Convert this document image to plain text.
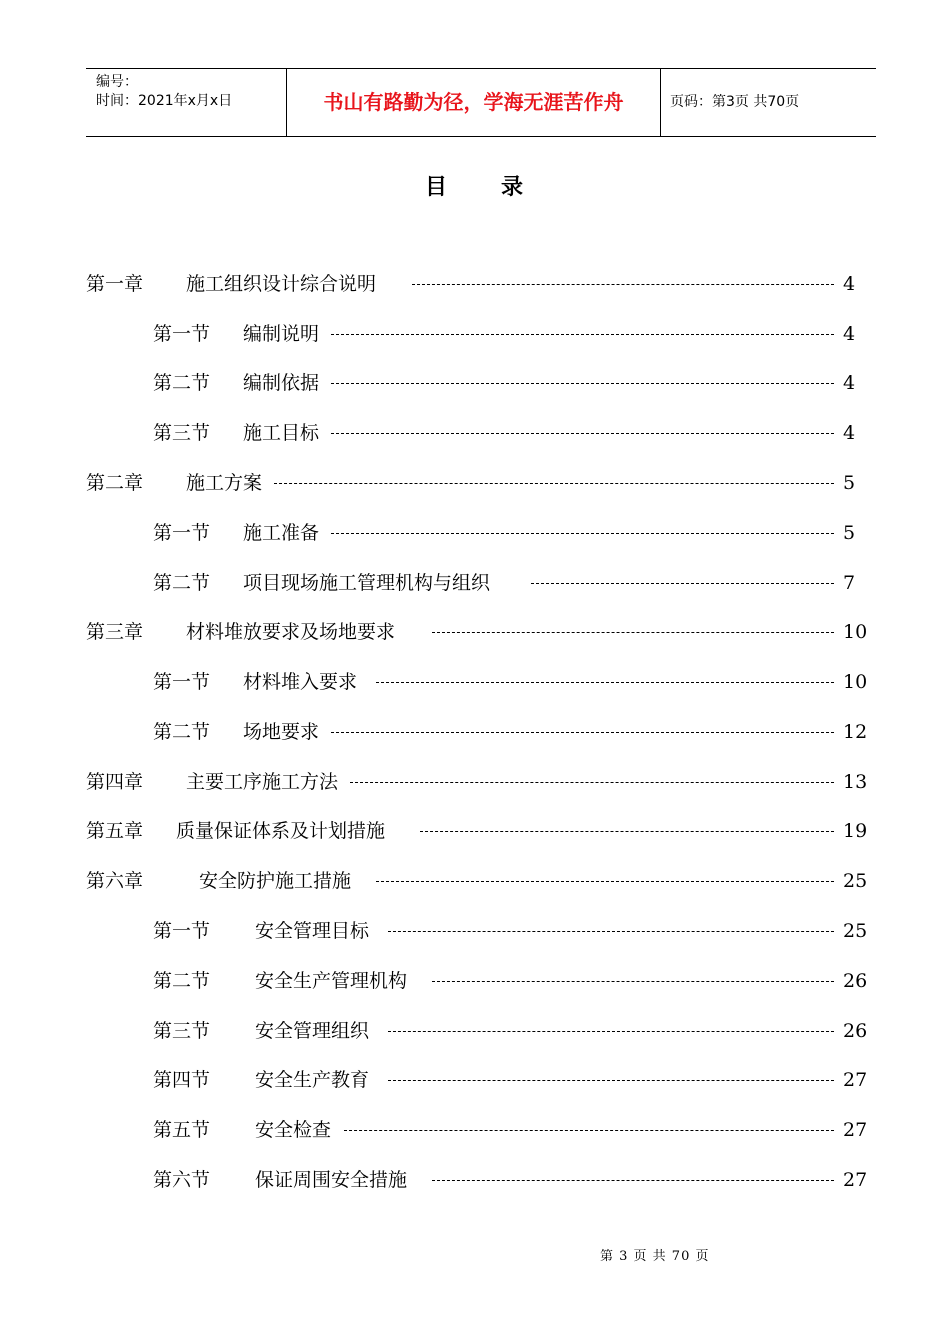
编号：
时间：2021年x月x日	书山有路勤为径，学海无涯苦作舟	页码：第3页 共70页
目 录
第一章 施工组织设计综合说明	4
第一节 编制说明	4
第二节 编制依据	4
第三节 施工目标	4
第二章 施工方案	5
第一节 施工准备	5
第二节 项目现场施工管理机构与组织	7
第三章 材料堆放要求及场地要求	10
第一节 材料堆入要求	10
第二节 场地要求	12
第四章 主要工序施工方法	13
第五章 质量保证体系及计划措施	19
第六章	安全防护施工措施	25
第一节 安全管理目标	25
第二节 安全生产管理机构	26
第三节 安全管理组织	26
第四节 安全生产教育	27
第五节 安全检查	27
第六节 保证周围安全措施	27
第 3 页 共 70 页
